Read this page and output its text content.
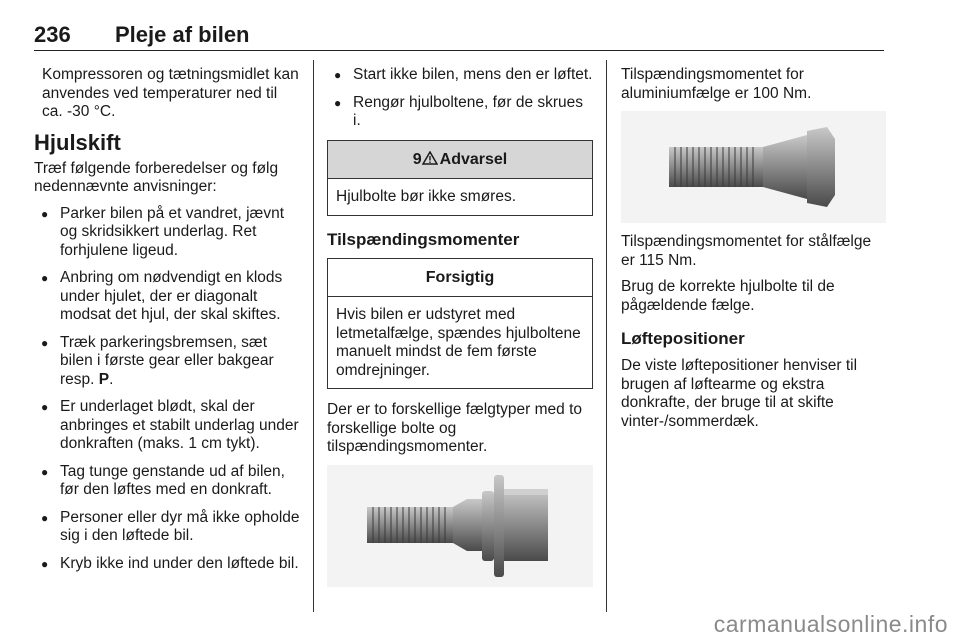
236 Pleje af bilen

Kompressoren og tætningsmidlet kan anvendes ved temperaturer ned til ca. -30 °C.

Hjulskift

Træf følgende forberedelser og følg nedennævnte anvisninger:

● Parker bilen på et vandret, jævnt og skridsikkert underlag. Ret forhjulene ligeud.
● Anbring om nødvendigt en klods under hjulet, der er diagonalt modsat det hjul, der skal skiftes.
● Træk parkeringsbremsen, sæt bilen i første gear eller bakgear resp. P.
● Er underlaget blødt, skal der anbringes et stabilt underlag under donkraften (maks. 1 cm tykt).
● Tag tunge genstande ud af bilen, før den løftes med en donkraft.
● Personer eller dyr må ikke opholde sig i den løftede bil.
● Kryb ikke ind under den løftede bil.
● Start ikke bilen, mens den er løftet.
● Rengør hjulboltene, før de skrues i.
9 Advarsel
Hjulbolte bør ikke smøres.
Tilspændingsmomenter
Forsigtig
Hvis bilen er udstyret med letmetalfælge, spændes hjulboltene manuelt mindst de fem første omdrejninger.

Der er to forskellige fælgtyper med to forskellige bolte og tilspændingsmomenter.

Tilspændingsmomentet for aluminiumfælge er 100 Nm.

Tilspændingsmomentet for stålfælge er 115 Nm.

Brug de korrekte hjulbolte til de pågældende fælge.

Løftepositioner

De viste løftepositioner henviser til brugen af løftearme og ekstra donkrafte, der bruge til at skifte vinter-/sommerdæk.

carmanualsonline.info
